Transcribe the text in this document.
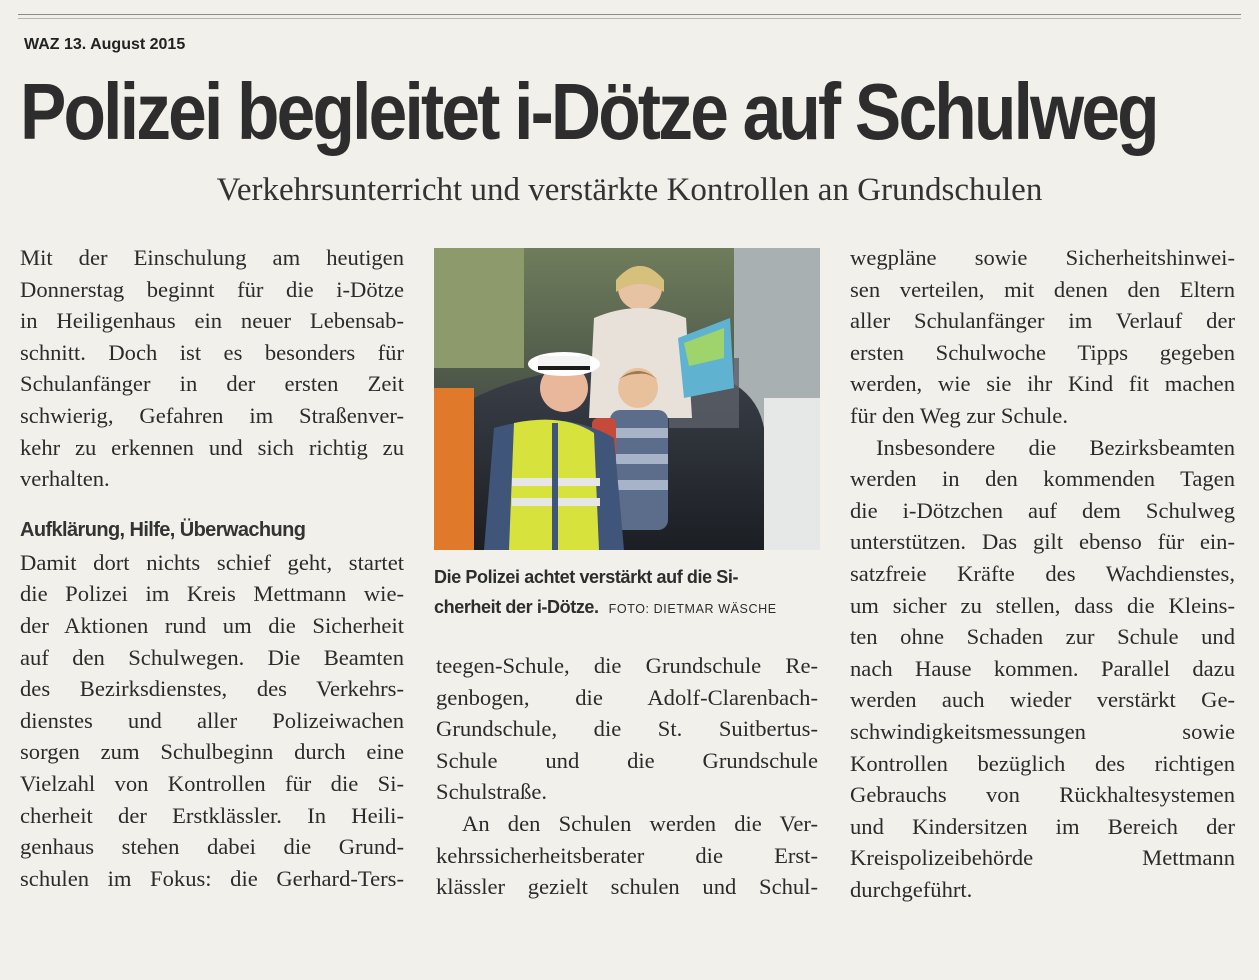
WAZ 13. August 2015
Polizei begleitet i-Dötze auf Schulweg
Verkehrsunterricht und verstärkte Kontrollen an Grundschulen

Mit der Einschulung am heutigen
Donnerstag beginnt für die i-Dötze
in Heiligenhaus ein neuer Lebensab-
schnitt. Doch ist es besonders für
Schulanfänger in der ersten Zeit
schwierig, Gefahren im Straßenver-
kehr zu erkennen und sich richtig zu
verhalten.

Aufklärung, Hilfe, Überwachung

Damit dort nichts schief geht, startet
die Polizei im Kreis Mettmann wie-
der Aktionen rund um die Sicherheit
auf den Schulwegen. Die Beamten
des Bezirksdienstes, des Verkehrs-
dienstes und aller Polizeiwachen
sorgen zum Schulbeginn durch eine
Vielzahl von Kontrollen für die Si-
cherheit der Erstklässler. In Heili-
genhaus stehen dabei die Grund-
schulen im Fokus: die Gerhard-Ters-

Die Polizei achtet verstärkt auf die Si-
cherheit der i-Dötze. FOTO: DIETMAR WÄSCHE

teegen-Schule, die Grundschule Re-
genbogen, die Adolf-Clarenbach-
Grundschule, die St. Suitbertus-
Schule und die Grundschule
Schulstraße.

An den Schulen werden die Ver-
kehrssicherheitsberater die Erst-
klässler gezielt schulen und Schul-

wegpläne sowie Sicherheitshinwei-
sen verteilen, mit denen den Eltern
aller Schulanfänger im Verlauf der
ersten Schulwoche Tipps gegeben
werden, wie sie ihr Kind fit machen
für den Weg zur Schule.

Insbesondere die Bezirksbeamten
werden in den kommenden Tagen
die i-Dötzchen auf dem Schulweg
unterstützen. Das gilt ebenso für ein-
satzfreie Kräfte des Wachdienstes,
um sicher zu stellen, dass die Kleins-
ten ohne Schaden zur Schule und
nach Hause kommen. Parallel dazu
werden auch wieder verstärkt Ge-
schwindigkeitsmessungen sowie
Kontrollen bezüglich des richtigen
Gebrauchs von Rückhaltesystemen
und Kindersitzen im Bereich der
Kreispolizeibehörde Mettmann
durchgeführt.
